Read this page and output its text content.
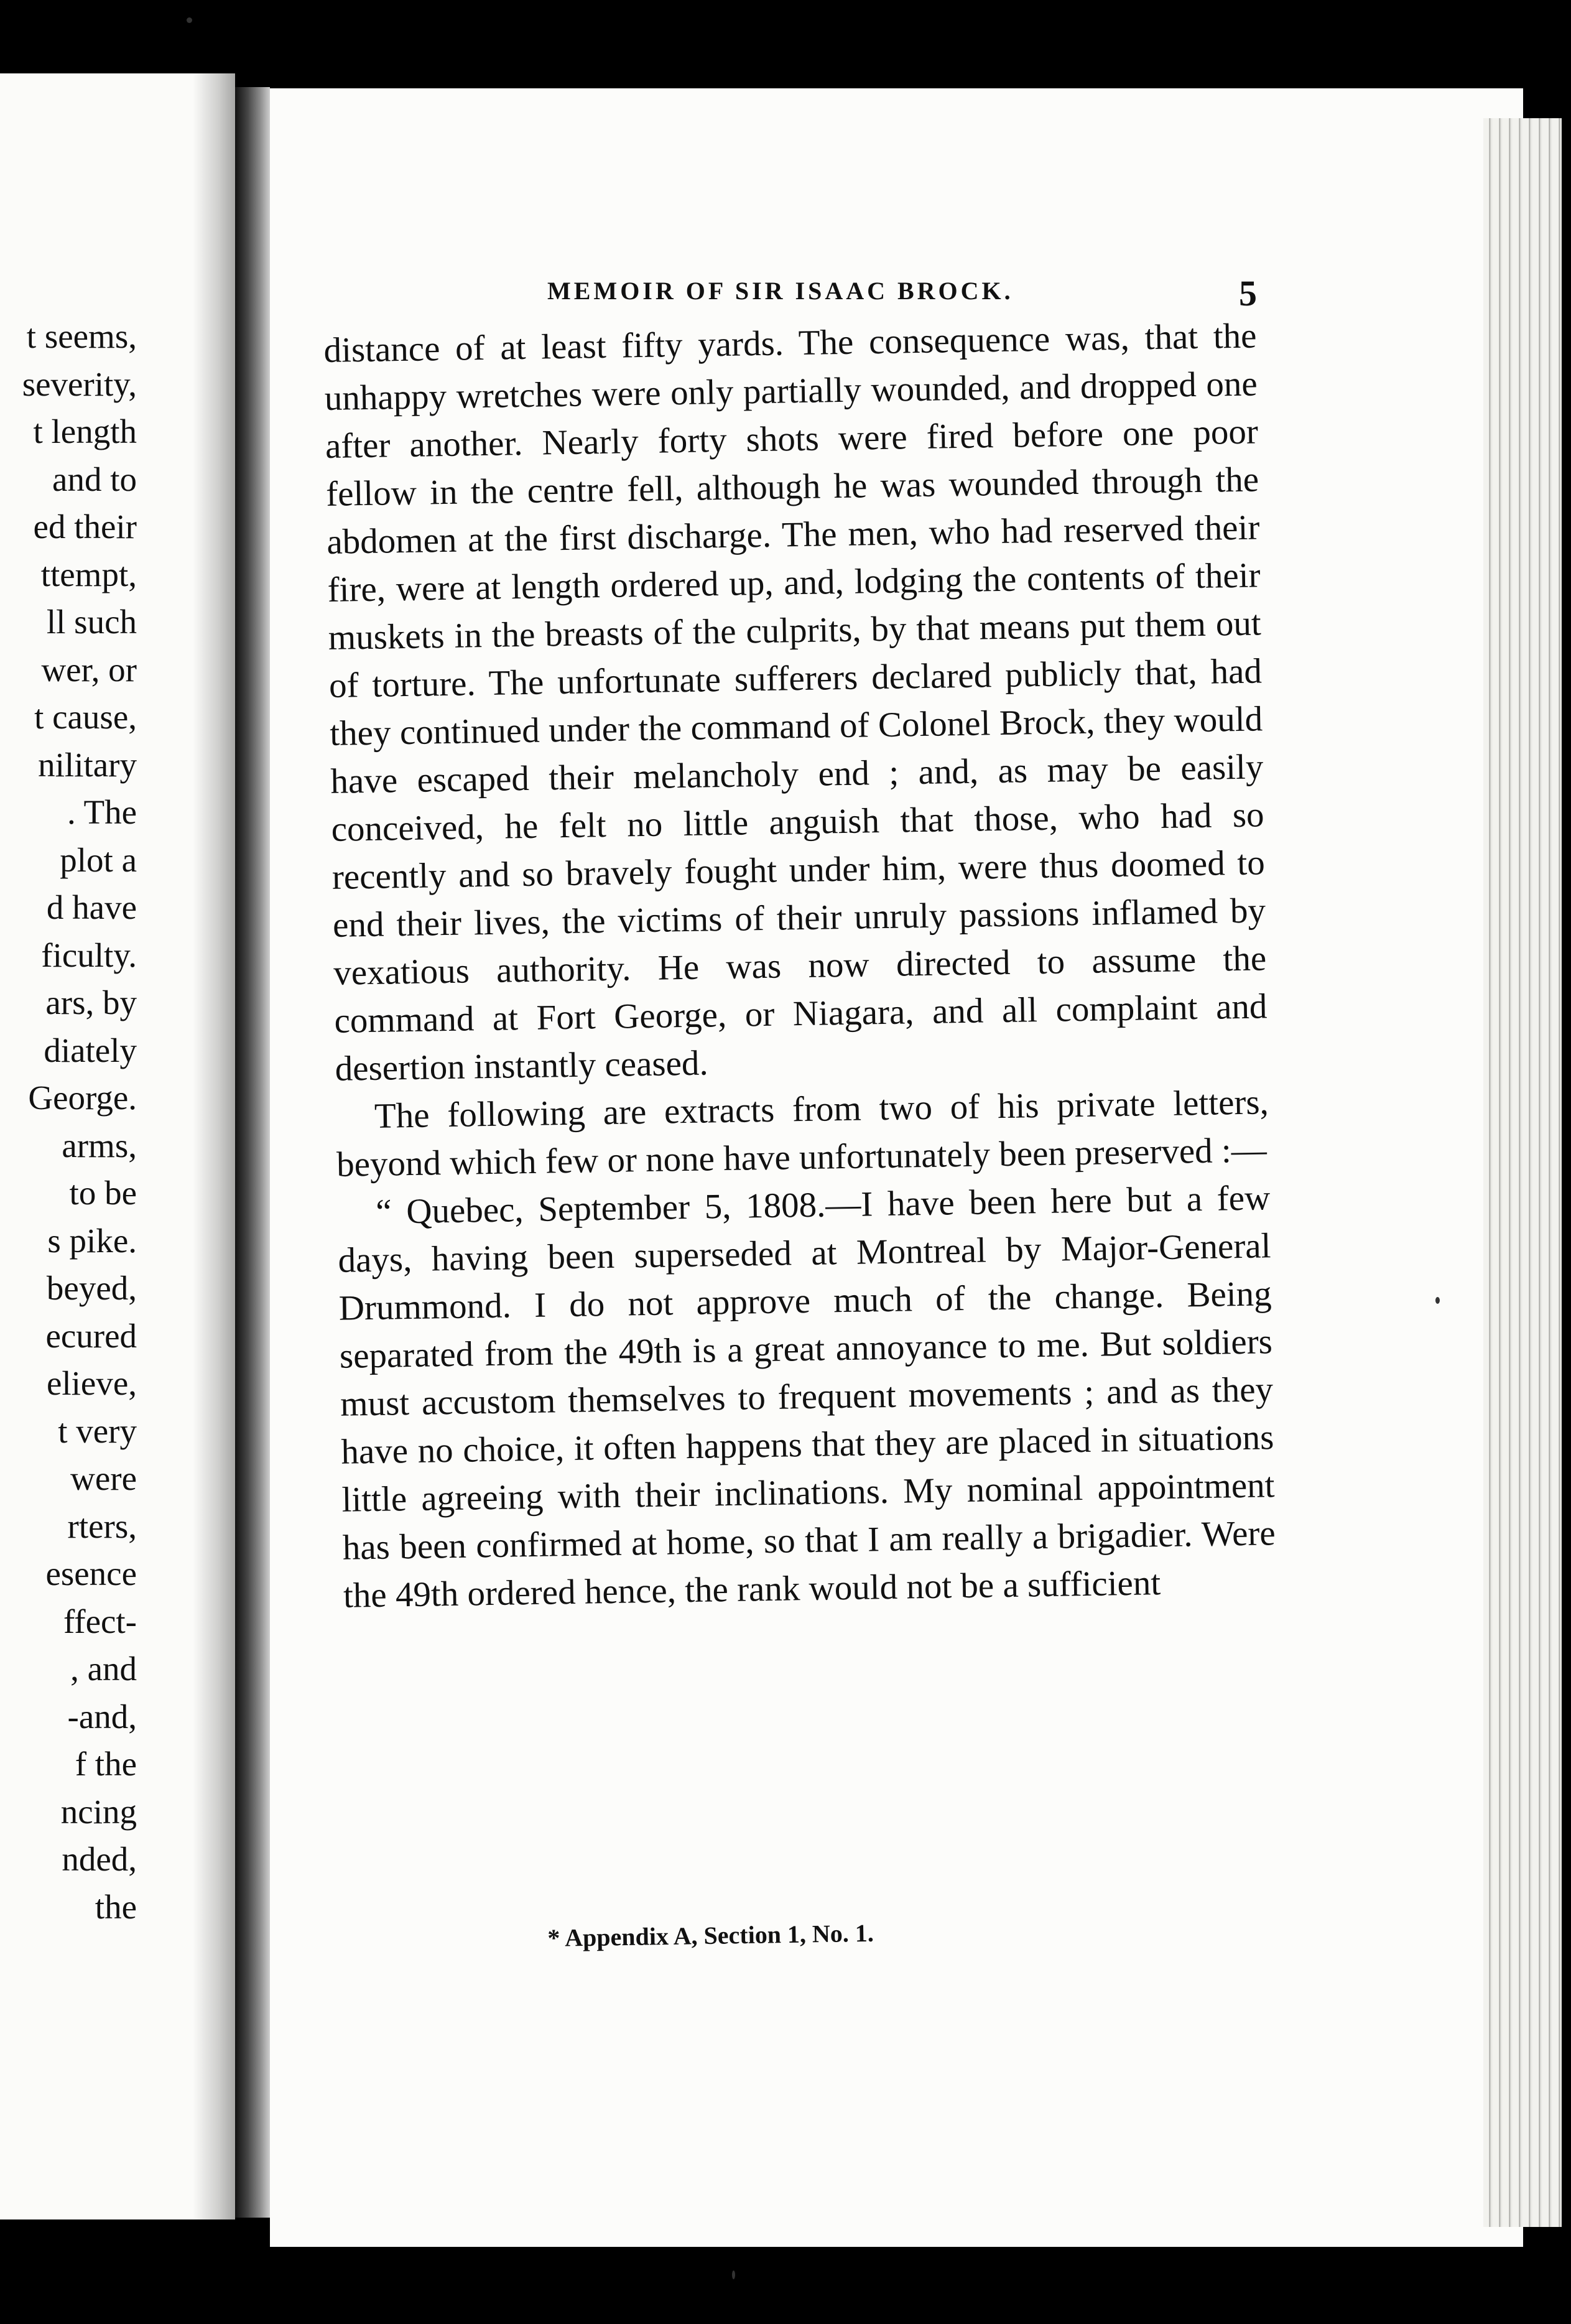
t seems,
severity,
t length
and to
ed their
ttempt,
ll such
wer, or
t cause,
nilitary
. The
plot a
d have
ficulty.
ars, by
diately
George.
arms,
to be
s pike.
beyed,
ecured
elieve,
t very
were
rters,
esence
ffect-
, and
-and,
f the
ncing
nded,
the
MEMOIR OF SIR ISAAC BROCK.	5

distance of at least fifty yards. The consequence was, that the unhappy wretches were only partially wounded, and dropped one after another. Nearly forty shots were fired before one poor fellow in the centre fell, although he was wounded through the abdomen at the first discharge. The men, who had reserved their fire, were at length ordered up, and, lodging the contents of their muskets in the breasts of the culprits, by that means put them out of torture. The unfortunate sufferers declared publicly that, had they continued under the command of Colonel Brock, they would have escaped their melancholy end ; and, as may be easily conceived, he felt no little anguish that those, who had so recently and so bravely fought under him, were thus doomed to end their lives, the victims of their unruly passions inflamed by vexatious authority. He was now directed to assume the command at Fort George, or Niagara, and all complaint and desertion instantly ceased.

The following are extracts from two of his private letters, beyond which few or none have unfortunately been preserved :—

“ Quebec, September 5, 1808.—I have been here but a few days, having been superseded at Montreal by Major-General Drummond. I do not approve much of the change. Being separated from the 49th is a great annoyance to me. But soldiers must accustom themselves to frequent movements ; and as they have no choice, it often happens that they are placed in situations little agreeing with their inclinations. My nominal appointment has been confirmed at home, so that I am really a brigadier. Were the 49th ordered hence, the rank would not be a sufficient

* Appendix A, Section 1, No. 1.
